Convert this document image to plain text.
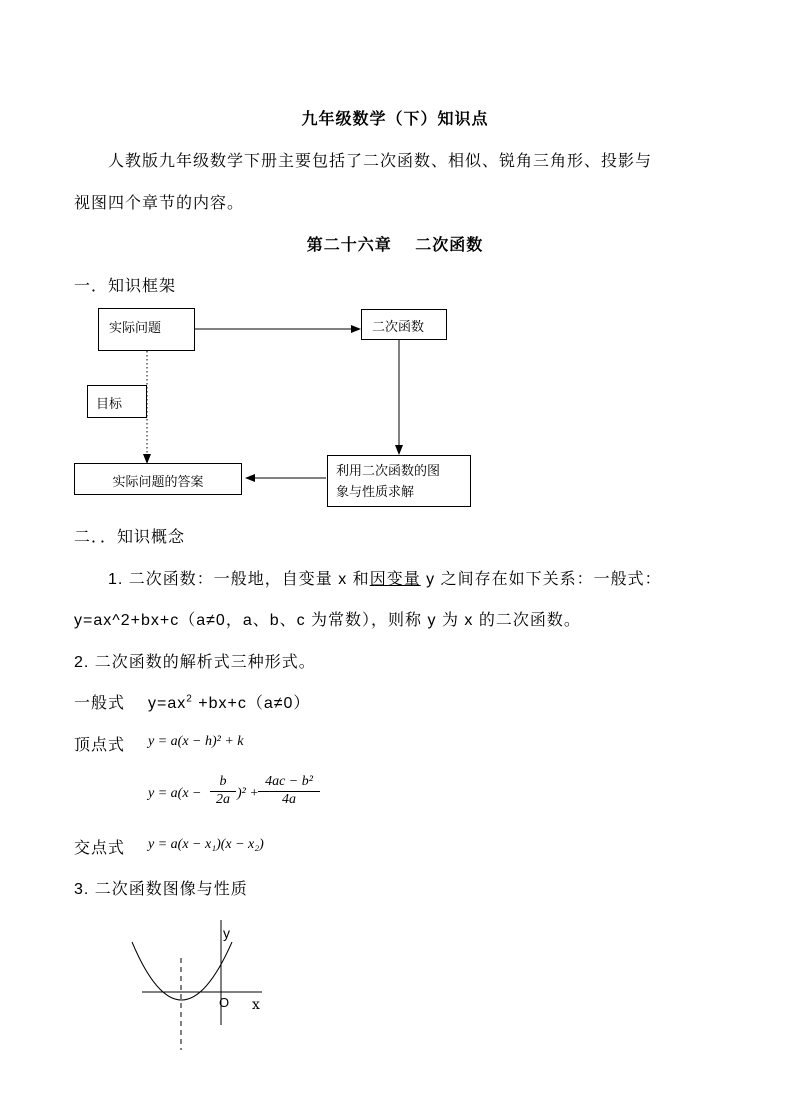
九年级数学（下）知识点
人教版九年级数学下册主要包括了二次函数、相似、锐角三角形、投影与
视图四个章节的内容。
第二十六章　 二次函数
一．知识框架
实际问题	二次函数
目标
实际问题的答案
利用二次函数的图
象与性质求解
二．．知识概念
1. 二次函数：一般地，自变量 x 和因变量 y 之间存在如下关系：一般式：
y=ax^2+bx+c（a≠0，a、b、c 为常数），则称 y 为 x 的二次函数。
2. 二次函数的解析式三种形式。
一般式 $y=ax^2 +bx+c(a\ne 0)$
顶点式 y = a(x − h)² + k
$y = a(x - \frac{b}{2a} )^2 + \frac{\text{4ac − b²}}{4a}$
交点式 y = a(x − x₁)(x − x₂)
3. 二次函数图像与性质
y
O x
